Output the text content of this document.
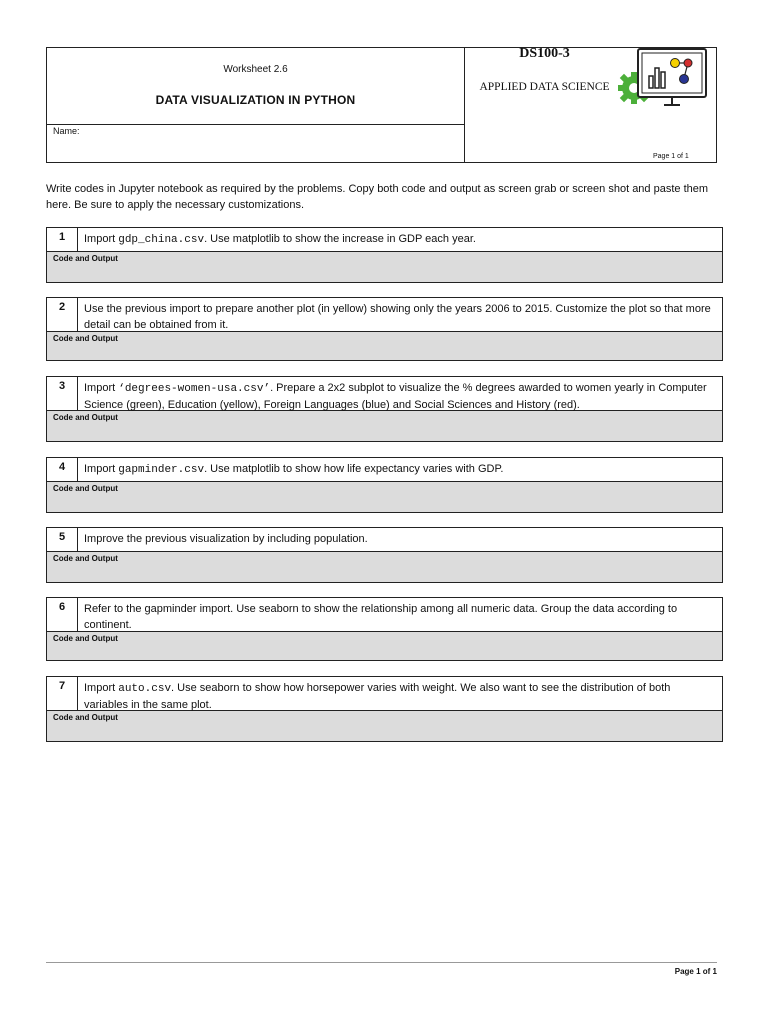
Worksheet 2.6
DATA VISUALIZATION IN PYTHON
Name:
DS100-3
APPLIED DATA SCIENCE
Page 1 of 1
Write codes in Jupyter notebook as required by the problems. Copy both code and output as screen grab or screen shot and paste them here. Be sure to apply the necessary customizations.
1	Import gdp_china.csv. Use matplotlib to show the increase in GDP each year.
Code and Output
2	Use the previous import to prepare another plot (in yellow) showing only the years 2006 to 2015. Customize the plot so that more detail can be obtained from it.
Code and Output
3	Import ‘degrees-women-usa.csv’. Prepare a 2x2 subplot to visualize the % degrees awarded to women yearly in Computer Science (green), Education (yellow), Foreign Languages (blue) and Social Sciences and History (red).
Code and Output
4	Import gapminder.csv. Use matplotlib to show how life expectancy varies with GDP.
Code and Output
5	Improve the previous visualization by including population.
Code and Output
6	Refer to the gapminder import. Use seaborn to show the relationship among all numeric data. Group the data according to continent.
Code and Output
7	Import auto.csv. Use seaborn to show how horsepower varies with weight. We also want to see the distribution of both variables in the same plot.
Code and Output
Page 1 of 1
